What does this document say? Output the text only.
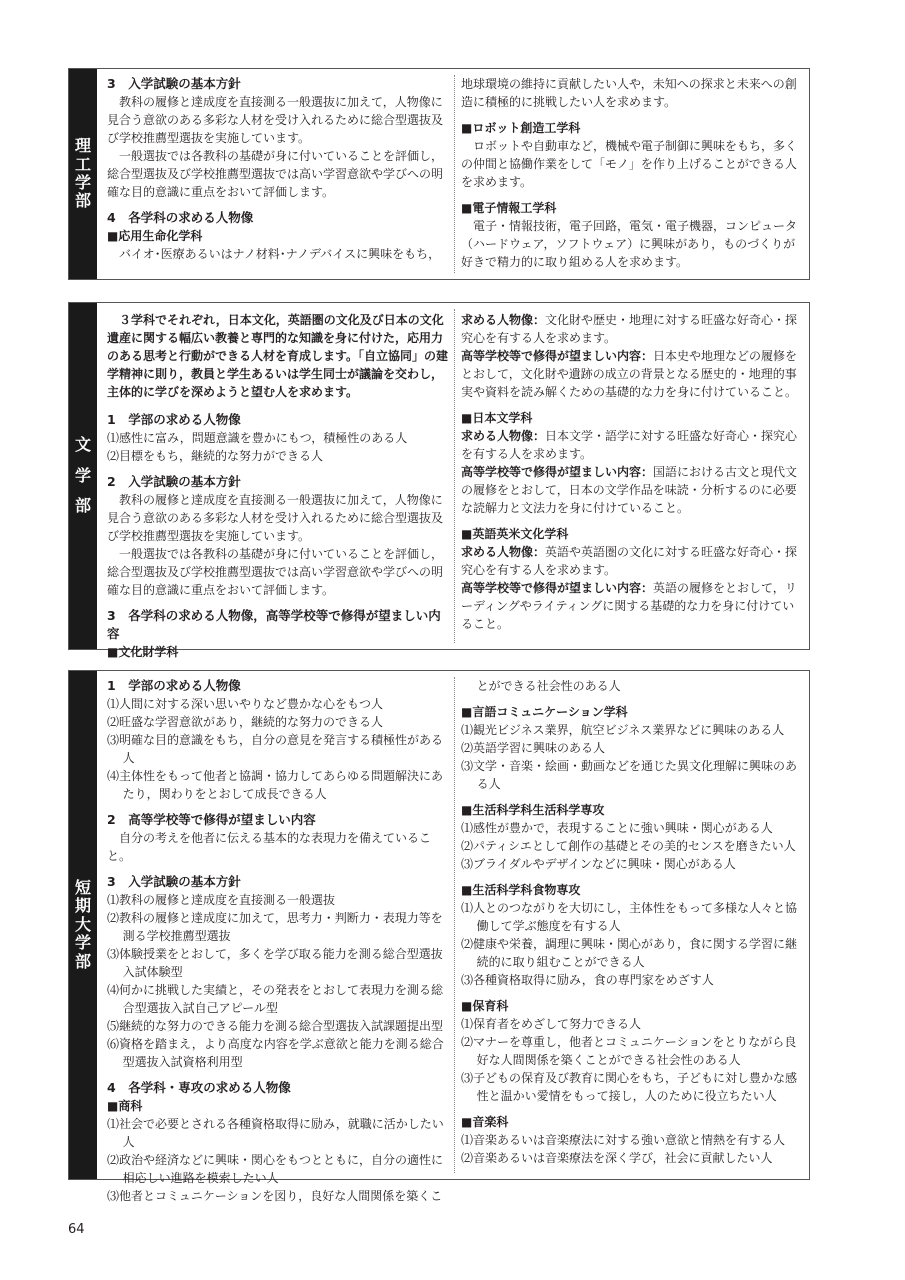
理
工
学
部
3　入学試験の基本方針
教科の履修と達成度を直接測る一般選抜に加えて，人物像に見合う意欲のある多彩な人材を受け入れるために総合型選抜及び学校推薦型選抜を実施しています。
一般選抜では各教科の基礎が身に付いていることを評価し，総合型選抜及び学校推薦型選抜では高い学習意欲や学びへの明確な目的意識に重点をおいて評価します。
4　各学科の求める人物像
■応用生命化学科
バイオ･医療あるいはナノ材料･ナノデバイスに興味をもち，
地球環境の維持に貢献したい人や，未知への探求と未来への創造に積極的に挑戦したい人を求めます。
■ロボット創造工学科
ロボットや自動車など，機械や電子制御に興味をもち，多くの仲間と協働作業をして「モノ」を作り上げることができる人を求めます。
■電子情報工学科
電子・情報技術，電子回路，電気・電子機器，コンピュータ（ハードウェア，ソフトウェア）に興味があり，ものづくりが好きで精力的に取り組める人を求めます。
文
学
部
３学科でそれぞれ，日本文化，英語圏の文化及び日本の文化遺産に関する幅広い教養と専門的な知識を身に付けた，応用力のある思考と行動ができる人材を育成します。「自立協同」の建学精神に則り，教員と学生あるいは学生同士が議論を交わし，主体的に学びを深めようと望む人を求めます。
1　学部の求める人物像
⑴感性に富み，問題意識を豊かにもつ，積極性のある人
⑵目標をもち，継続的な努力ができる人
2　入学試験の基本方針
教科の履修と達成度を直接測る一般選抜に加えて，人物像に見合う意欲のある多彩な人材を受け入れるために総合型選抜及び学校推薦型選抜を実施しています。
一般選抜では各教科の基礎が身に付いていることを評価し，総合型選抜及び学校推薦型選抜では高い学習意欲や学びへの明確な目的意識に重点をおいて評価します。
3　各学科の求める人物像，高等学校等で修得が望ましい内容
■文化財学科
求める人物像：文化財や歴史・地理に対する旺盛な好奇心・探究心を有する人を求めます。
高等学校等で修得が望ましい内容：日本史や地理などの履修をとおして，文化財や遺跡の成立の背景となる歴史的・地理的事実や資料を読み解くための基礎的な力を身に付けていること。
■日本文学科
求める人物像：日本文学・語学に対する旺盛な好奇心・探究心を有する人を求めます。
高等学校等で修得が望ましい内容：国語における古文と現代文の履修をとおして，日本の文学作品を味読・分析するのに必要な読解力と文法力を身に付けていること。
■英語英米文化学科
求める人物像：英語や英語圏の文化に対する旺盛な好奇心・探究心を有する人を求めます。
高等学校等で修得が望ましい内容：英語の履修をとおして，リーディングやライティングに関する基礎的な力を身に付けていること。
短
期
大
学
部
1　学部の求める人物像
⑴人間に対する深い思いやりなど豊かな心をもつ人
⑵旺盛な学習意欲があり，継続的な努力のできる人
⑶明確な目的意識をもち，自分の意見を発言する積極性がある人
⑷主体性をもって他者と協調・協力してあらゆる問題解決にあたり，関わりをとおして成長できる人
2　高等学校等で修得が望ましい内容
自分の考えを他者に伝える基本的な表現力を備えていること。
3　入学試験の基本方針
⑴教科の履修と達成度を直接測る一般選抜
⑵教科の履修と達成度に加えて，思考力・判断力・表現力等を測る学校推薦型選抜
⑶体験授業をとおして，多くを学び取る能力を測る総合型選抜入試体験型
⑷何かに挑戦した実績と，その発表をとおして表現力を測る総合型選抜入試自己アピール型
⑸継続的な努力のできる能力を測る総合型選抜入試課題提出型
⑹資格を踏まえ，より高度な内容を学ぶ意欲と能力を測る総合型選抜入試資格利用型
4　各学科・専攻の求める人物像
■商科
⑴社会で必要とされる各種資格取得に励み，就職に活かしたい人
⑵政治や経済などに興味・関心をもつとともに，自分の適性に相応しい進路を模索したい人
⑶他者とコミュニケーションを図り，良好な人間関係を築くこ
とができる社会性のある人
■言語コミュニケーション学科
⑴観光ビジネス業界，航空ビジネス業界などに興味のある人
⑵英語学習に興味のある人
⑶文学・音楽・絵画・動画などを通じた異文化理解に興味のある人
■生活科学科生活科学専攻
⑴感性が豊かで，表現することに強い興味・関心がある人
⑵パティシエとして創作の基礎とその美的センスを磨きたい人
⑶ブライダルやデザインなどに興味・関心がある人
■生活科学科食物専攻
⑴人とのつながりを大切にし，主体性をもって多様な人々と協働して学ぶ態度を有する人
⑵健康や栄養，調理に興味・関心があり，食に関する学習に継続的に取り組むことができる人
⑶各種資格取得に励み，食の専門家をめざす人
■保育科
⑴保育者をめざして努力できる人
⑵マナーを尊重し，他者とコミュニケーションをとりながら良好な人間関係を築くことができる社会性のある人
⑶子どもの保育及び教育に関心をもち，子どもに対し豊かな感性と温かい愛情をもって接し，人のために役立ちたい人
■音楽科
⑴音楽あるいは音楽療法に対する強い意欲と情熱を有する人
⑵音楽あるいは音楽療法を深く学び，社会に貢献したい人
64
